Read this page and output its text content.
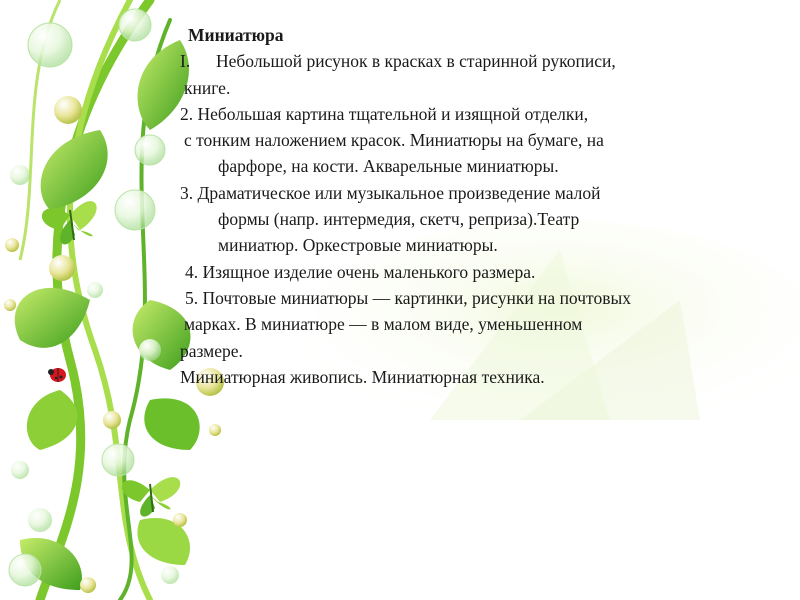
Миниатюра
I. Небольшой рисунок в красках в старинной рукописи,
книге.
2. Небольшая картина тщательной и изящной отделки,
с тонким наложением красок. Миниатюры на бумаге, на
фарфоре, на кости. Акварельные миниатюры.
3. Драматическое или музыкальное произведение малой
формы (напр. интермедия, скетч, реприза).Театр
миниатюр. Оркестровые миниатюры.
4. Изящное изделие очень маленького размера.
5. Почтовые миниатюры — картинки, рисунки на почтовых
марках. В миниатюре — в малом виде, уменьшенном
размере.
Миниатюрная живопись. Миниатюрная техника.
